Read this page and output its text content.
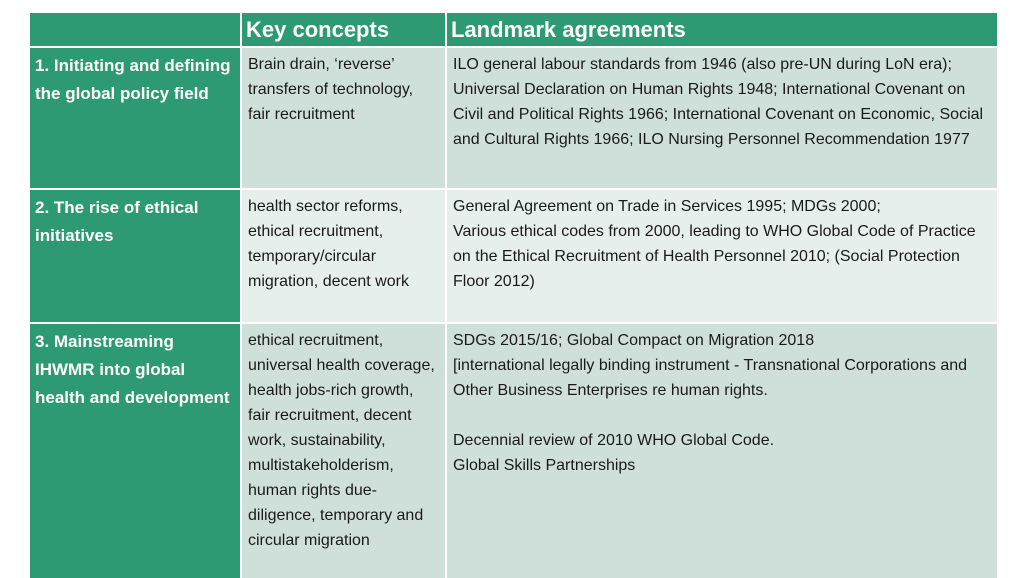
Key concepts	Landmark agreements
1. Initiating and defining the global policy field
Brain drain, ‘reverse’ transfers of technology, fair recruitment
ILO general labour standards from 1946 (also pre-UN during LoN era); Universal Declaration on Human Rights 1948; International Covenant on Civil and Political Rights 1966; International Covenant on Economic, Social and Cultural Rights 1966; ILO Nursing Personnel Recommendation 1977
2. The rise of ethical initiatives
health sector reforms, ethical recruitment, temporary/circular migration, decent work
General Agreement on Trade in Services 1995; MDGs 2000;
Various ethical codes from 2000, leading to WHO Global Code of Practice on the Ethical Recruitment of Health Personnel 2010; (Social Protection Floor 2012)
3. Mainstreaming IHWMR into global health and development
ethical recruitment, universal health coverage, health jobs-rich growth, fair recruitment, decent work, sustainability, multistakeholderism, human rights due-diligence, temporary and circular migration
SDGs 2015/16; Global Compact on Migration 2018
[international legally binding instrument - Transnational Corporations and Other Business Enterprises re human rights.
Decennial review of 2010 WHO Global Code.
Global Skills Partnerships
